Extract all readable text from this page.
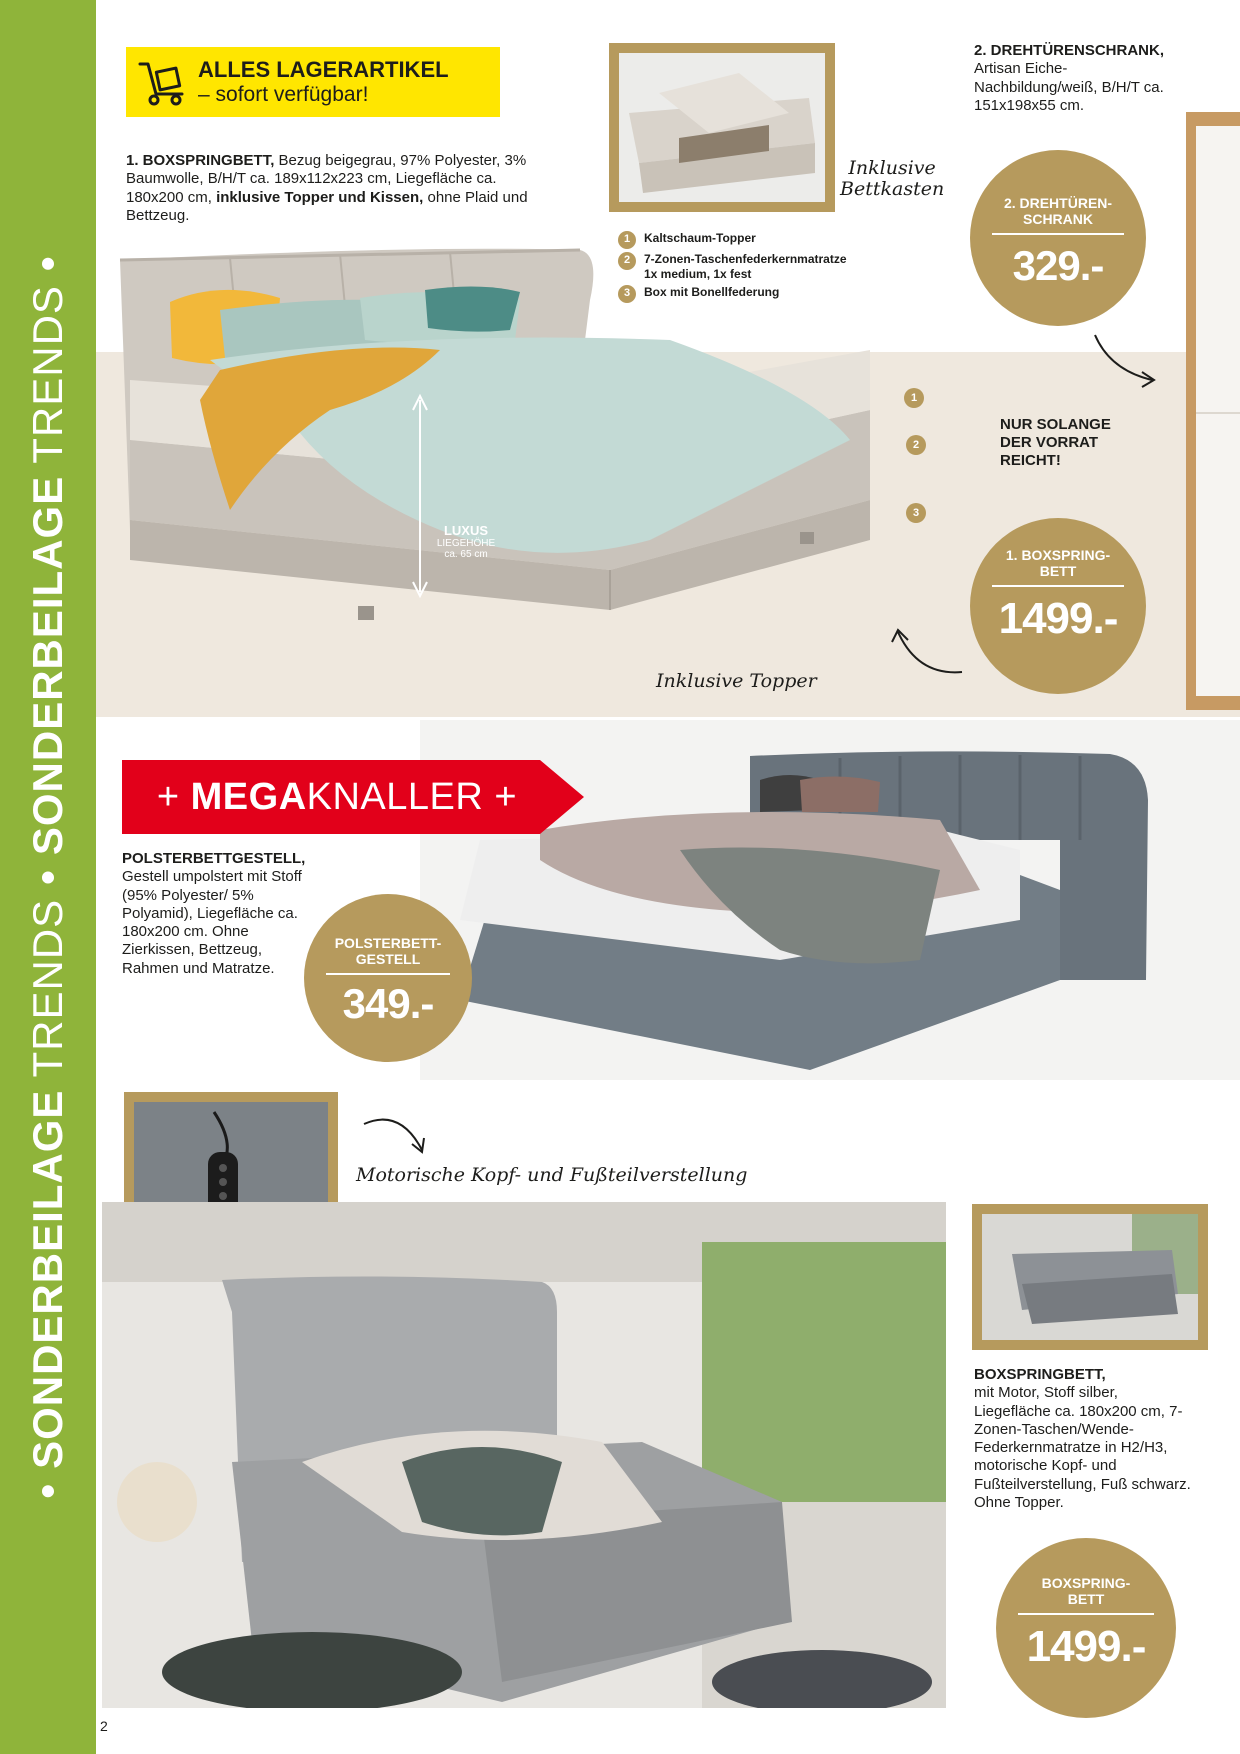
•
SONDERBEILAGE
TRENDS
•
SONDERBEILAGE
TRENDS
•
ALLES LAGERARTIKEL
– sofort verfügbar!
1. BOXSPRINGBETT, Bezug beigegrau, 97% Polyester, 3% Baumwolle, B/H/T ca. 189x112x223 cm, Liegefläche ca. 180x200 cm, inklusive Topper und Kissen, ohne Plaid und Bettzeug.
LUXUS
LIEGEHÖHE
ca. 65 cm
1
2
3
Inklusive
Bettkasten
1	Kaltschaum-Topper
2	7-Zonen-Taschenfederkernmatratze
1x medium, 1x fest
3	Box mit Bonellfederung
2. DREHTÜRENSCHRANK,
Artisan Eiche-Nachbildung/weiß, B/H/T ca. 151x198x55 cm.
2. DREHTÜREN-
SCHRANK
329.-
NUR SOLANGE
DER VORRAT
REICHT!
1. BOXSPRING-
BETT
1499.-
Inklusive Topper
+ MEGA KNALLER +
POLSTERBETTGESTELL,
Gestell umpolstert mit Stoff (95% Polyester/ 5% Polyamid), Liegefläche ca. 180x200 cm. Ohne Zierkissen, Bettzeug, Rahmen und Matratze.
POLSTERBETT-
GESTELL
349.-
Motorische Kopf- und Fußteilverstellung
BOXSPRINGBETT,
mit Motor, Stoff silber, Liegefläche ca. 180x200 cm, 7-Zonen-Taschen/Wende-Federkernmatratze in H2/H3, motorische Kopf- und Fußteilverstellung, Fuß schwarz. Ohne Topper.
BOXSPRING-
BETT
1499.-
2
